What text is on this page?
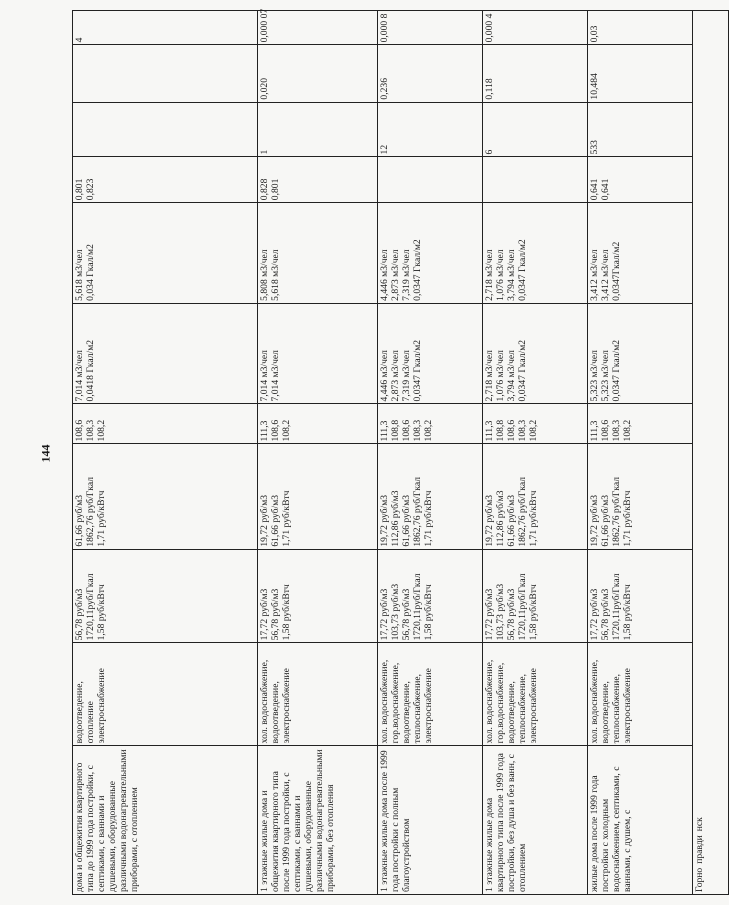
144
дома и общежития квартирного типа до 1999 года постройки, с септиками, с ваннами и душевыми, оборудованные различными водонагревательными приборами, с отоплением	водоотведение, отопление электроснабжение	56,78 руб/м3 1720,11руб/Гкал 1,58 руб/кВтч	61,66 руб/м3 1862,76 руб/Гкал 1,71 руб/кВтч	108,6 108,3 108,2	7,014 м3/чел 0,0418 Гкал/м2	5,618 м3/чел 0,034 Гкал/м2	0,801 0,823			4

1 этажные жилые дома и общежития квартирного типа после 1999 года постройки, с септиками, с ваннами и душевыми, оборудованные различными водонагревательными приборами, без отопления	хол. водоснабжение, водоотведение, электроснабжение	17,72 руб/м3 56,78 руб/м3 1,58 руб/кВтч	19,72 руб/м3 61,66 руб/м3 1,71 руб/кВтч	111,3 108,6 108,2	7,014 м3/чел 7,014 м3/чел	5,808 м3/чел 5,618 м3/чел	0,828 0,801	1	0,020	0,000 07

1 этажные жилые дома после 1999 года постройки с полным благоустройством	хол. водоснабжение, гор.водоснабжение, водоотведение, теплоснабжение, электроснабжение	17,72 руб/м3 103,73 руб/м3 56,78 руб/м3 1720,11руб/Гкал 1,58 руб/кВтч	19,72 руб/м3 112,86 руб/м3 61,66 руб/м3 1862,76 руб/Гкал 1,71 руб/кВтч	111,3 108,8 108,6 108,3 108,2	4,446 м3/чел 2,873 м3/чел 7,319 м3/чел 0,0347 Гкал/м2	4,446 м3/чел 2,873 м3/чел 7,319 м3/чел 0,0347 Гкал/м2		12	0,236	0,000 8

1 этажные жилые дома квартирного типа после 1999 года постройки, без душа и без ванн, с отоплением	хол. водоснабжение, гор.водоснабжение, водоотведение, теплоснабжение, электроснабжение	17,72 руб/м3 103,73 руб/м3 56,78 руб/м3 1720,11руб/Гкал 1,58 руб/кВтч	19,72 руб/м3 112,86 руб/м3 61,66 руб/м3 1862,76 руб/Гкал 1,71 руб/кВтч	111,3 108,8 108,6 108,3 108,2	2,718 м3/чел 1,076 м3/чел 3,794 м3/чел 0,0347 Гкал/м2	2,718 м3/чел 1,076 м3/чел 3,794 м3/чел 0,0347 Гкал/м2		6	0,118	0,000 4

жилые дома после 1999 года постройки с холодным водоснабжением, септиками, с ваннами, с душем, с	хол. водоснабжение, водоотведение, теплоснабжение, электроснабжение	17,72 руб/м3 56,78 руб/м3 1720,11руб/Гкал 1,58 руб/кВтч	19,72 руб/м3 61,66 руб/м3 1862,76 руб/Гкал 1,71 руб/кВтч	111,3 108,6 108,3 108,2	5,323 м3/чел 5,323 м3/чел 0,0347 Гкал/м2	3,412 м3/чел 3,412 м3/чел 0,0347Гкал/м2	0,641 0,641	533	10,484	0,03

Горноправдинск										
